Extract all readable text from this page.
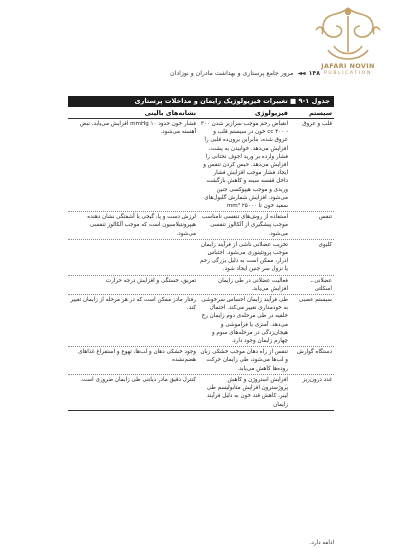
JAFARI NOVIN
PUBLICATION
۱۴۸
◄◄
مرور جامع پرستاری و بهداشت مادران و نوزادان
جدول ۱-۹ ■ تغییرات فیزیولوژیک زایمان و مداخلات پرستاری
سیستم
فیزیولوژی
نشانه‌های بالینی
قلب و عروق
انقباض رحم موجب سرازیر شدن ۳۰۰ - ۴۰۰ cc خون در سیستم قلب و عروق شده، بنابراین برون‌ده قلبی را افزایش می‌دهد. خوابیدن به پشت، فشار وارده بر ورید اجوف تحتانی را افزایش می‌دهد. حبس کردن تنفس و ایجاد فشار موجب افزایش فشار داخل قفسه سینه و کاهش بازگشت وریدی و موجب هیپوکسی جنین می‌شود. افزایش شمارش گلبول‌های سفید خون تا ۲۵۰۰۰ mm³
فشار خون حدود ۱۰ mmHg افزایش می‌یابد، نبض آهسته می‌شود.
تنفس
استفاده از روش‌های تنفسی نامناسب موجب پیشگیری از آلکالوز تنفسی می‌شود.
لرزش دست و پا، گیجی یا آشفتگی نشان دهنده هیپرونتیلاسیون است که موجب آلکالوز تنفسی می‌شود.
کلیوی
تخریب عضلانی ناشی از فرآیند زایمان موجب پروتئینوری می‌شود. احتباس ادرار، ممکن است به دلیل بزرگی رحم یا نزول سر جنین ایجاد شود.
عضلانی ـ اسکلتی
فعالیت عضلانی در طی زایمان افزایش می‌یابد.
تعریق، خستگی و افزایش درجه حرارت
سیستم عصبی
طی فرآیند زایمان احساس سرخوشی به خودمداری تغییر می‌کند. احتمال خلفیه در طی مرحله‌ی دوم زایمان رخ می‌دهد. آمنزی یا فراموشی و هیجان‌زدگی در مرحله‌های سوم و چهارم زایمان وجود دارد.
رفتار مادر ممکن است که در هر مرحله از زایمان تغییر کند.
دستگاه گوارش
تنفس از راه دهان موجب خشکی زبان و لب‌ها می‌شود، طی زایمان حرکت روده‌ها کاهش می‌یابد.
وجود خشکی دهان و لب‌ها، تهوع و استفراغ غذاهای هضم‌نشده
غدد درون‌ریز
افزایش استروژن و کاهش پروژسترون افزایش متابولیسم طی لیبر، کاهش قند خون به دلیل فرآیند زایمان
کنترل دقیق مادر دیابتی طی زایمان ضروری است.
ادامه دارد.
